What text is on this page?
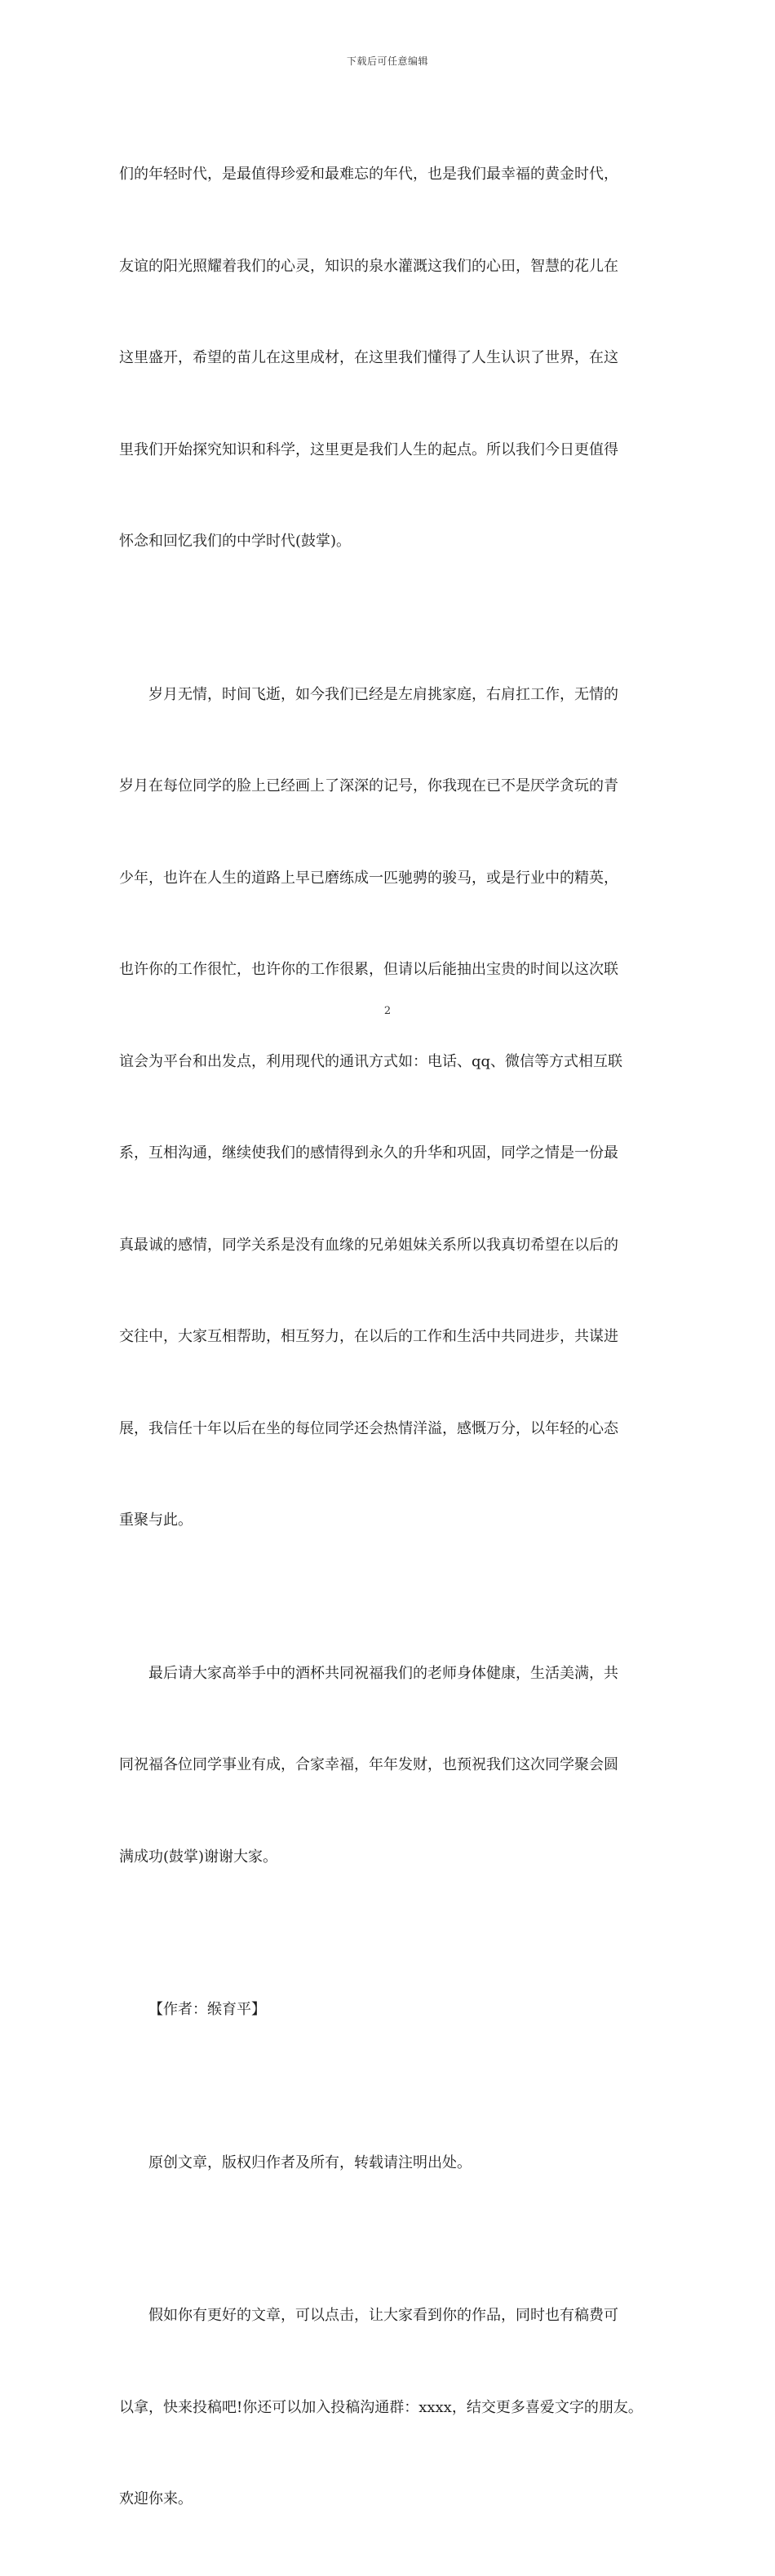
下载后可任意编辑

们的年轻时代，是最值得珍爱和最难忘的年代，也是我们最幸福的黄金时代，

友谊的阳光照耀着我们的心灵，知识的泉水灌溉这我们的心田，智慧的花儿在

这里盛开，希望的苗儿在这里成材，在这里我们懂得了人生认识了世界，在这

里我们开始探究知识和科学，这里更是我们人生的起点。所以我们今日更值得

怀念和回忆我们的中学时代(鼓掌)。

岁月无情，时间飞逝，如今我们已经是左肩挑家庭，右肩扛工作，无情的

岁月在每位同学的脸上已经画上了深深的记号，你我现在已不是厌学贪玩的青

少年，也许在人生的道路上早已磨练成一匹驰骋的骏马，或是行业中的精英，

也许你的工作很忙，也许你的工作很累，但请以后能抽出宝贵的时间以这次联

谊会为平台和出发点，利用现代的通讯方式如：电话、qq、微信等方式相互联

系，互相沟通，继续使我们的感情得到永久的升华和巩固，同学之情是一份最

真最诚的感情，同学关系是没有血缘的兄弟姐妹关系所以我真切希望在以后的

交往中，大家互相帮助，相互努力，在以后的工作和生活中共同进步，共谋进

展，我信任十年以后在坐的每位同学还会热情洋溢，感慨万分，以年轻的心态

重聚与此。

最后请大家高举手中的酒杯共同祝福我们的老师身体健康，生活美满，共

同祝福各位同学事业有成，合家幸福，年年发财，也预祝我们这次同学聚会圆

满成功(鼓掌)谢谢大家。

【作者：缑育平】

原创文章，版权归作者及所有，转载请注明出处。

假如你有更好的文章，可以点击，让大家看到你的作品，同时也有稿费可

以拿，快来投稿吧!你还可以加入投稿沟通群：xxxx，结交更多喜爱文字的朋友。

欢迎你来。

2
